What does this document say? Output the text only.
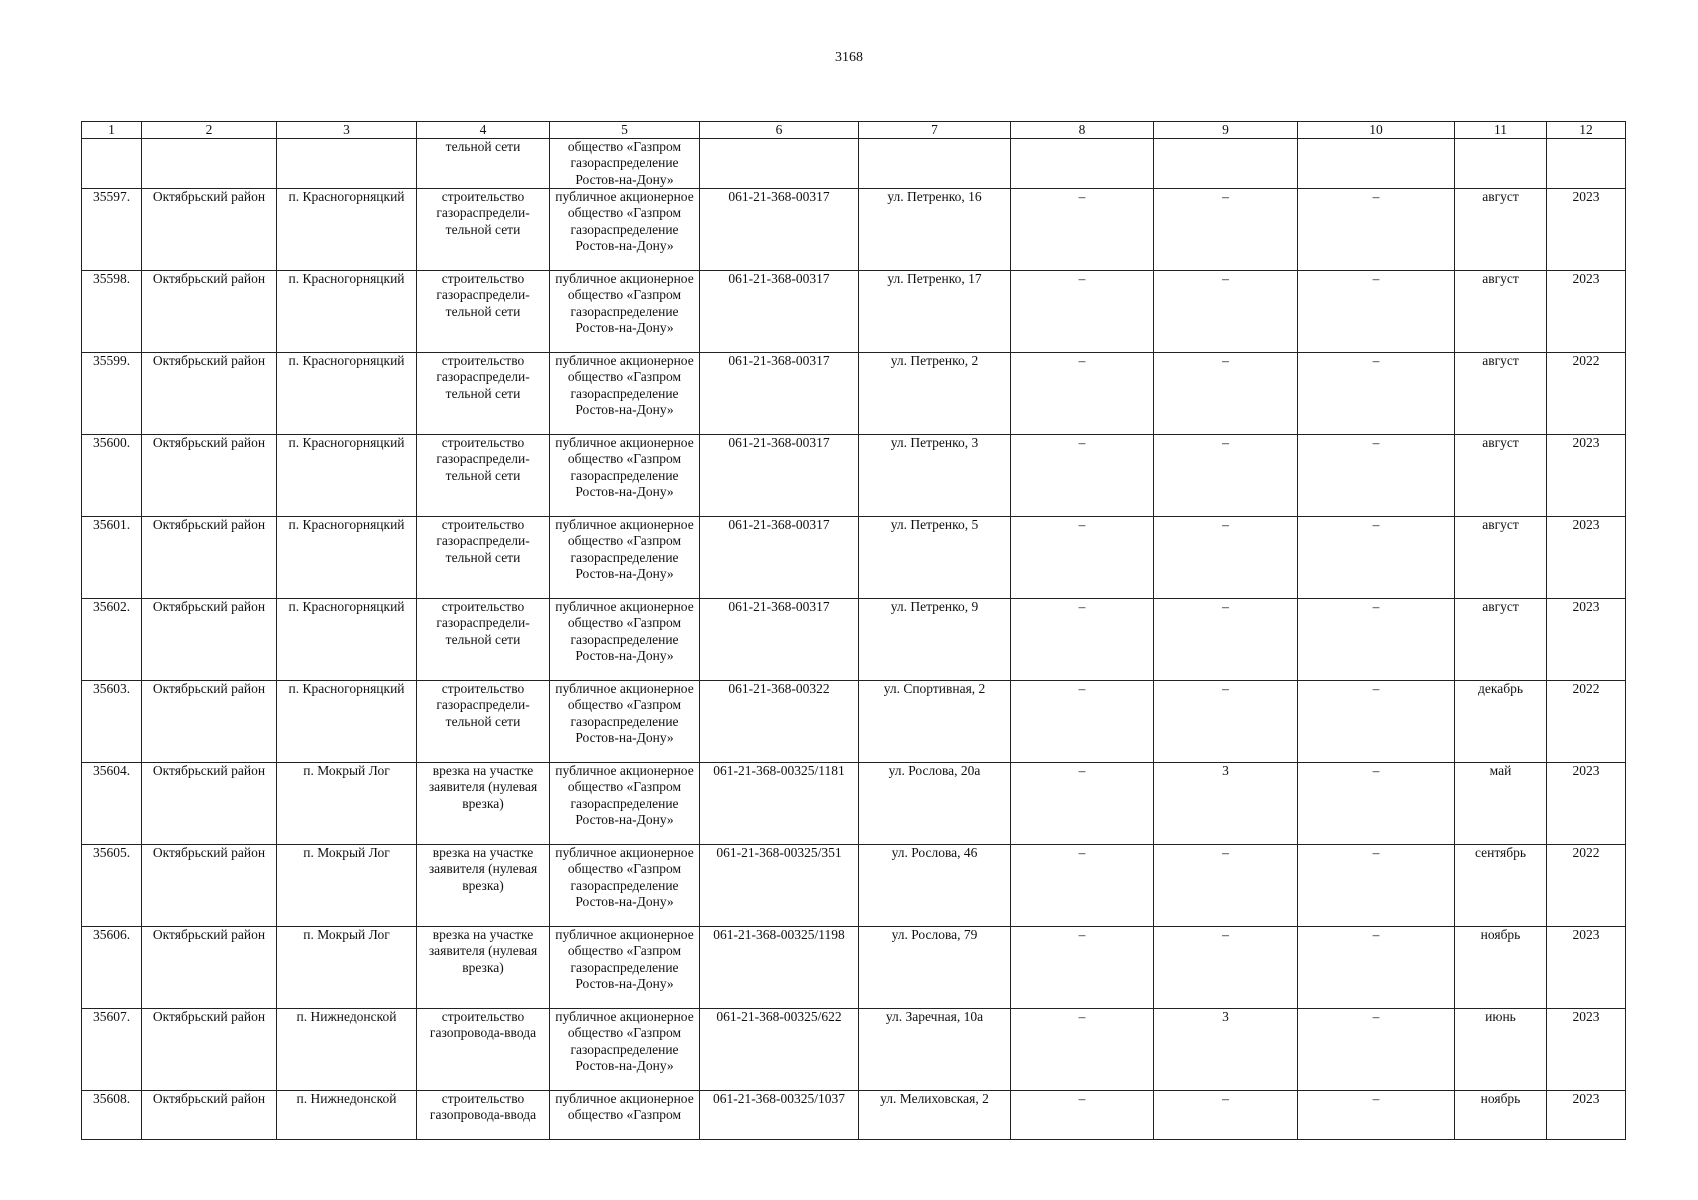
3168
1	2	3	4	5	6	7	8	9	10	11	12
			тельной сети	общество «Газпром газораспределение Ростов-на-Дону»							
35597.	Октябрьский район	п. Красногорняцкий	строительство газораспредели-тельной сети	публичное акционерное общество «Газпром газораспределение Ростов-на-Дону»	061-21-368-00317	ул. Петренко, 16	–	–	–	август	2023
35598.	Октябрьский район	п. Красногорняцкий	строительство газораспредели-тельной сети	публичное акционерное общество «Газпром газораспределение Ростов-на-Дону»	061-21-368-00317	ул. Петренко, 17	–	–	–	август	2023
35599.	Октябрьский район	п. Красногорняцкий	строительство газораспредели-тельной сети	публичное акционерное общество «Газпром газораспределение Ростов-на-Дону»	061-21-368-00317	ул. Петренко, 2	–	–	–	август	2022
35600.	Октябрьский район	п. Красногорняцкий	строительство газораспредели-тельной сети	публичное акционерное общество «Газпром газораспределение Ростов-на-Дону»	061-21-368-00317	ул. Петренко, 3	–	–	–	август	2023
35601.	Октябрьский район	п. Красногорняцкий	строительство газораспредели-тельной сети	публичное акционерное общество «Газпром газораспределение Ростов-на-Дону»	061-21-368-00317	ул. Петренко, 5	–	–	–	август	2023
35602.	Октябрьский район	п. Красногорняцкий	строительство газораспредели-тельной сети	публичное акционерное общество «Газпром газораспределение Ростов-на-Дону»	061-21-368-00317	ул. Петренко, 9	–	–	–	август	2023
35603.	Октябрьский район	п. Красногорняцкий	строительство газораспредели-тельной сети	публичное акционерное общество «Газпром газораспределение Ростов-на-Дону»	061-21-368-00322	ул. Спортивная, 2	–	–	–	декабрь	2022
35604.	Октябрьский район	п. Мокрый Лог	врезка на участке заявителя (нулевая врезка)	публичное акционерное общество «Газпром газораспределение Ростов-на-Дону»	061-21-368-00325/1181	ул. Рослова, 20а	–	3	–	май	2023
35605.	Октябрьский район	п. Мокрый Лог	врезка на участке заявителя (нулевая врезка)	публичное акционерное общество «Газпром газораспределение Ростов-на-Дону»	061-21-368-00325/351	ул. Рослова, 46	–	–	–	сентябрь	2022
35606.	Октябрьский район	п. Мокрый Лог	врезка на участке заявителя (нулевая врезка)	публичное акционерное общество «Газпром газораспределение Ростов-на-Дону»	061-21-368-00325/1198	ул. Рослова, 79	–	–	–	ноябрь	2023
35607.	Октябрьский район	п. Нижнедонской	строительство газопровода-ввода	публичное акционерное общество «Газпром газораспределение Ростов-на-Дону»	061-21-368-00325/622	ул. Заречная, 10а	–	3	–	июнь	2023
35608.	Октябрьский район	п. Нижнедонской	строительство газопровода-ввода	публичное акционерное общество «Газпром	061-21-368-00325/1037	ул. Мелиховская, 2	–	–	–	ноябрь	2023
